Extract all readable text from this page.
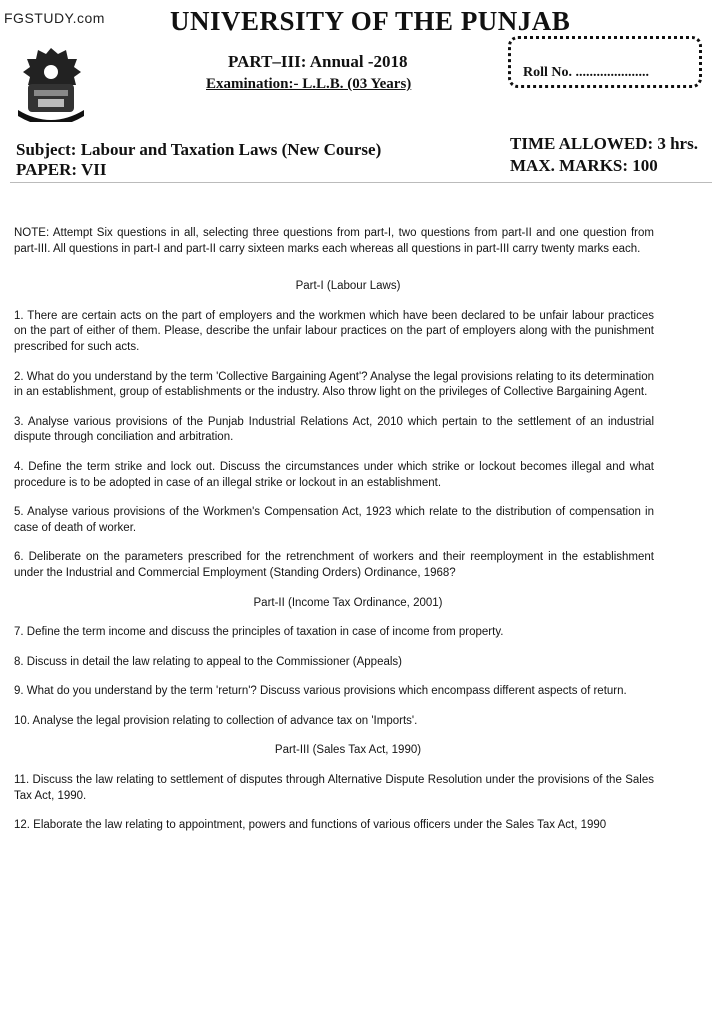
FGSTUDY.com UNIVERSITY OF THE PUNJAB
PART–III: Annual -2018
Examination:- L.L.B. (03 Years)
Roll No. .....................
Subject: Labour and Taxation Laws (New Course)
PAPER: VII
TIME ALLOWED: 3 hrs.
MAX. MARKS: 100

NOTE: Attempt Six questions in all, selecting three questions from part-I, two questions from part-II and one question from part-III. All questions in part-I and part-II carry sixteen marks each whereas all questions in part-III carry twenty marks each.

Part-I (Labour Laws)

1. There are certain acts on the part of employers and the workmen which have been declared to be unfair labour practices on the part of either of them. Please, describe the unfair labour practices on the part of employers along with the punishment prescribed for such acts.

2. What do you understand by the term 'Collective Bargaining Agent'? Analyse the legal provisions relating to its determination in an establishment, group of establishments or the industry. Also throw light on the privileges of Collective Bargaining Agent.

3. Analyse various provisions of the Punjab Industrial Relations Act, 2010 which pertain to the settlement of an industrial dispute through conciliation and arbitration.

4. Define the term strike and lock out. Discuss the circumstances under which strike or lockout becomes illegal and what procedure is to be adopted in case of an illegal strike or lockout in an establishment.

5. Analyse various provisions of the Workmen's Compensation Act, 1923 which relate to the distribution of compensation in case of death of worker.

6. Deliberate on the parameters prescribed for the retrenchment of workers and their reemployment in the establishment under the Industrial and Commercial Employment (Standing Orders) Ordinance, 1968?

Part-II (Income Tax Ordinance, 2001)

7. Define the term income and discuss the principles of taxation in case of income from property.

8. Discuss in detail the law relating to appeal to the Commissioner (Appeals)

9. What do you understand by the term 'return'? Discuss various provisions which encompass different aspects of return.

10. Analyse the legal provision relating to collection of advance tax on 'Imports'.

Part-III (Sales Tax Act, 1990)

11. Discuss the law relating to settlement of disputes through Alternative Dispute Resolution under the provisions of the Sales Tax Act, 1990.

12. Elaborate the law relating to appointment, powers and functions of various officers under the Sales Tax Act, 1990
